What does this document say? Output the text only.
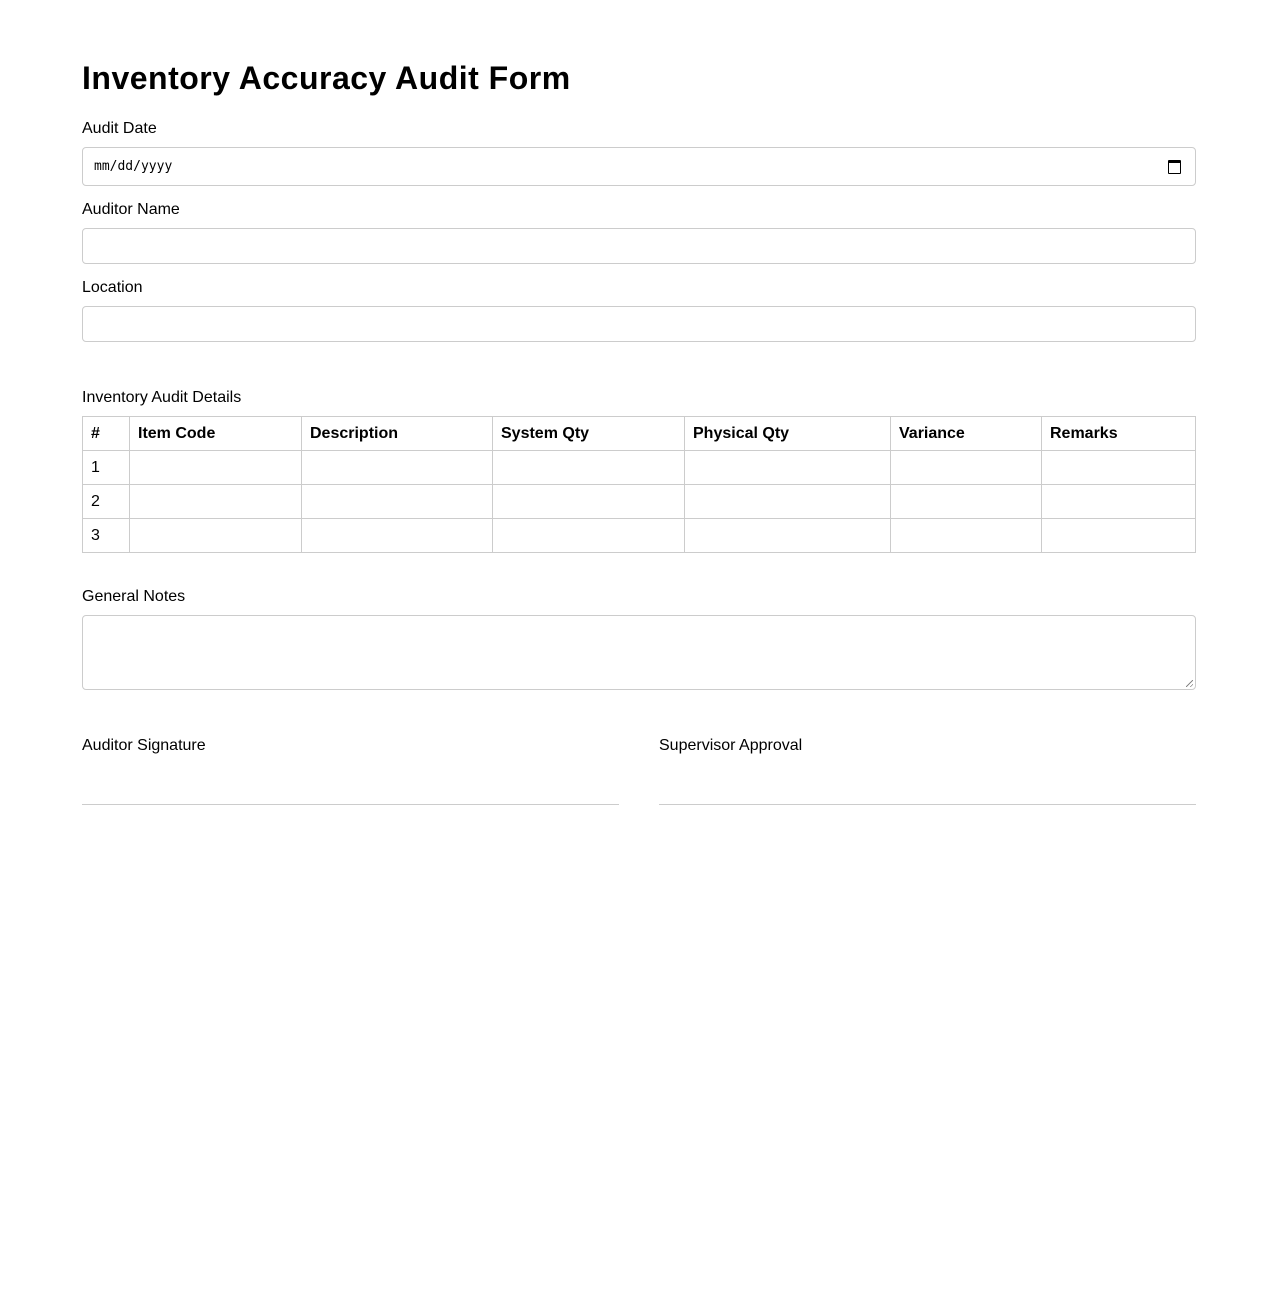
Inventory Accuracy Audit Form
Audit Date
mm/dd/yyyy
Auditor Name
Location
Inventory Audit Details
#	Item Code	Description	System Qty	Physical Qty	Variance	Remarks
1						
2						
3						
General Notes
Auditor Signature	Supervisor Approval
